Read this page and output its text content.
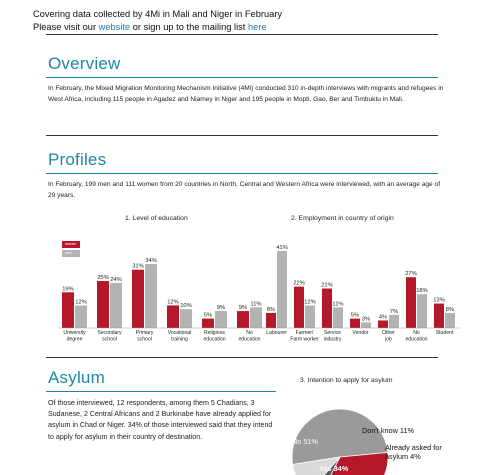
Covering data collected by 4Mi in Mali and Niger in February
Please visit our website or sign up to the mailing list here
Overview

In February, the Mixed Migration Monitoring Mechanism Initiative (4Mi) conducted 310 in-depth interviews with migrants and refugees in West Africa, including 115 people in Agadez and Niamey in Niger and 195 people in Mopti, Gao, Ber and Timbuktu in Mali.

Profiles

In February, 199 men and 111 women from 20 countries in North, Central and Western Africa were interviewed, with an average age of 29 years.

1. Level of education	2. Employment in country of origin
women
men
19%
12%
University
degree
25% 24%
Secondary
school
31%
34%
Primary
school
12%
10%
Vocational
training
5%
9%
Religious
education
9%
11%
No
education
8%
41%
Labourer
22%
12%
Farmer/
Farm worker
21%
11%
Service
industry
5%
3%
Vendor
4%
7%
Other
job
27%
18%
No
education
13%
8%
Student
Asylum

Of those interviewed, 12 respondents, among them 5 Chadians, 3 Sudanese, 2 Central Africans and 2 Burkinabe have already applied for asylum in Chad or Niger. 34% of those interviewed said that they intend to apply for asylum in their country of destination.

3. Intention to apply for asylum
No 51%
Yes 34%
Already asked for asylum 4%
Don't know 11%
